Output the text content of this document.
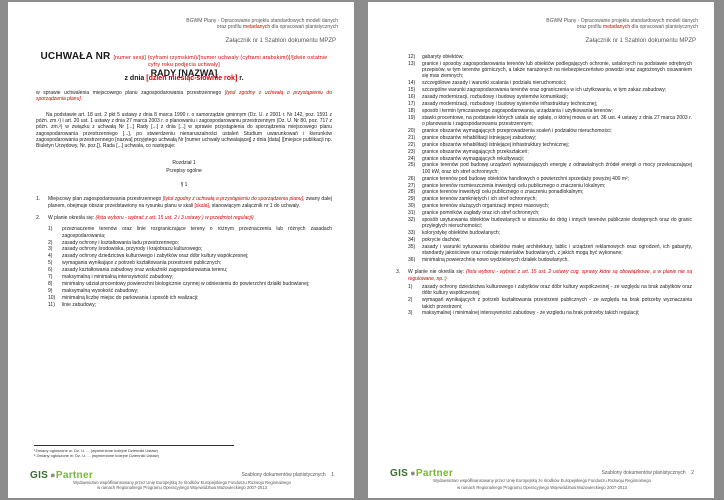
BGWM Plany - Opracowanie projektu standardowych modeli danych
oraz profilu metadanych dla opracowań planistycznych
Załącznik nr 1 Szablon dokumentu MPZP
UCHWAŁA NR [numer sesji] (cyframi rzymskimi)/[numer uchwały (cyframi arabskimi)]/[dwie ostatnie cyfry roku podjęcia uchwały]
RADY [NAZWA]
z dnia [dzień miesiąc-słownie rok] r.
w sprawie uchwalenia miejscowego planu zagospodarowania przestrzennego [tytuł zgodny z uchwałą o przystąpieniu do sporządzenia planu].
Na podstawie art. 18 ust. 2 pkt 5 ustawy z dnia 8 marca 1990 r. o samorządzie gminnym (Dz. U. z 2001 r. Nr 142, poz. 1591 z późn. zm.¹) i art. 20 ust. 1 ustawy z dnia 27 marca 2003 r. o planowaniu i zagospodarowaniu przestrzennym (Dz. U. Nr 80, poz. 717 z późn. zm.²) w związku z uchwałą Nr [...] Rady [...] z dnia [...] w sprawie przystąpienia do sporządzenia miejscowego planu zagospodarowania przestrzennego [...], po stwierdzeniu nienaruszalności ustaleń Studium uwarunkowań i kierunków zagospodarowania przestrzennego [nazwa] przyjętego uchwałą Nr [numer uchwały uchwalającej] z dnia [data] ([miejsce publikacji np. Biuletyn Urzędowy, Nr, poz.]), Rada [...] uchwala, co następuje:
Rozdział 1
Przepisy ogólne
§ 1
1.	Miejscowy plan zagospodarowania przestrzennego [tytuł zgodny z uchwałą o przystąpieniu do sporządzenia planu], zwany dalej planem, obejmuje obszar przedstawiony na rysunku planu w skali [skala], stanowiącym załącznik nr 1 do uchwały.
2.	W planie określa się: (lista wyboru - wybrać z art. 15 ust. 2 i 3 ustawy ) w przedmiot regulacji)
1) przeznaczenie terenów oraz linie rozgraniczające tereny o różnym przeznaczeniu lub różnych zasadach zagospodarowania;
2) zasady ochrony i kształtowania ładu przestrzennego;
3) zasady ochrony środowiska, przyrody i krajobrazu kulturowego;
4) zasady ochrony dziedzictwa kulturowego i zabytków oraz dóbr kultury współczesnej;
5) wymagania wynikające z potrzeb kształtowania przestrzeni publicznych;
6) zasady kształtowania zabudowy oraz wskaźniki zagospodarowania terenu;
7) maksymalną i minimalną intensywność zabudowy;
8) minimalny udział procentowy powierzchni biologicznie czynnej w odniesieniu do powierzchni działki budowlanej;
9) maksymalną wysokość zabudowy;
10) minimalną liczbę miejsc do parkowania i sposób ich realizacji;
11) linie zabudowy;
¹Zmiany ogłoszone w: Dz. U. ... (wymienione kolejne Dzienniki Ustaw)
² Zmiany ogłoszone w: Dz. U. ... (wymienione kolejne Dzienniki Ustaw)
GIS ●Partner	Szablony dokumentów planistycznych 1
Wydawnictwo współfinansowany przez Unię Europejską ze środków Europejskiego Funduszu Rozwoju Regionalnego
w ramach Regionalnego Programu Operacyjnego Województwa Mazowieckiego 2007-2013
BGWM Plany - Opracowanie projektu standardowych modeli danych
oraz profilu metadanych dla opracowań planistycznych
Załącznik nr 1 Szablon dokumentu MPZP
12) gabaryty obiektów;
13) granice i sposoby zagospodarowania terenów lub obiektów podlegających ochronie, ustalonych na podstawie odrębnych przepisów, w tym terenów górniczych, a także narażonych na niebezpieczeństwo powodzi oraz zagrożonych osuwaniem się mas ziemnych;
14) szczegółowe zasady i warunki scalania i podziału nieruchomości;
15) szczególne warunki zagospodarowania terenów oraz ograniczenia w ich użytkowaniu, w tym zakaz zabudowy;
16) zasady modernizacji, rozbudowy i budowy systemów komunikacji;
17) zasady modernizacji, rozbudowy i budowy systemów infrastruktury technicznej;
18) sposób i termin tymczasowego zagospodarowania, urządzania i użytkowania terenów;
19) stawki procentowe, na podstawie których ustala się opłatę, o której mowa w art. 36 ust. 4 ustawy z dnia 27 marca 2003 r. o planowaniu i zagospodarowaniu przestrzennym;
20) granice obszarów wymagających przeprowadzenia scaleń i podziałów nieruchomości;
21) granice obszarów rehabilitacji istniejącej zabudowy;
22) granice obszarów rehabilitacji istniejącej infrastruktury technicznej;
23) granice obszarów wymagających przekształceń;
24) granice obszarów wymagających rekultywacji;
25) granice terenów pod budowę urządzeń wytwarzających energię z odnawialnych źródeł energii o mocy przekraczającej 100 kW, oraz ich stref ochronnych;
26) granice terenów pod budowę obiektów handlowych o powierzchni sprzedaży powyżej 400 m²;
27) granice terenów rozmieszczenia inwestycji celu publicznego o znaczeniu lokalnym;
28) granice terenów inwestycji celu publicznego o znaczeniu ponadlokalnym;
29) granice terenów zamkniętych i ich stref ochronnych;
30) granice terenów służących organizacji imprez masowych;
31) granice pomników zagłady oraz ich stref ochronnych;
32) sposób usytuowania obiektów budowlanych w stosunku do dróg i innych terenów publicznie dostępnych oraz do granic przyległych nieruchomości;
33) kolorystykę obiektów budowlanych;
34) pokrycie dachów;
35) zasady i warunki sytuowania obiektów małej architektury, tablic i urządzeń reklamowych oraz ogrodzeń, ich gabaryty, standardy jakościowe oraz rodzaje materiałów budowlanych, z jakich mogą być wykonane;
36) minimalną powierzchnię nowo wydzielonych działek budowlanych.
3.	W planie nie określa się: (lista wyboru - wybrać z art. 15 ust. 2 ustawy cog, sprawy które są obowiązkowe, a w planie nie są regulowane, np.:)
1) zasady ochrony dziedzictwa kulturowego i zabytków oraz dóbr kultury współczesnej - ze względu na brak zabytków oraz dóbr kultury współczesnej;
2) wymagań wynikających z potrzeb kształtowania przestrzeni publicznych - ze względu na brak potrzeby wyznaczania takich przestrzeni;
3) maksymalnej i minimalnej intensywności zabudowy - ze względu na brak potrzeby takich regulacji;
GIS ●Partner	Szablony dokumentów planistycznych 2
Wydawnictwo współfinansowany przez Unię Europejską ze środków Europejskiego Funduszu Rozwoju Regionalnego
w ramach Regionalnego Programu Operacyjnego Województwa Mazowieckiego 2007-2013
